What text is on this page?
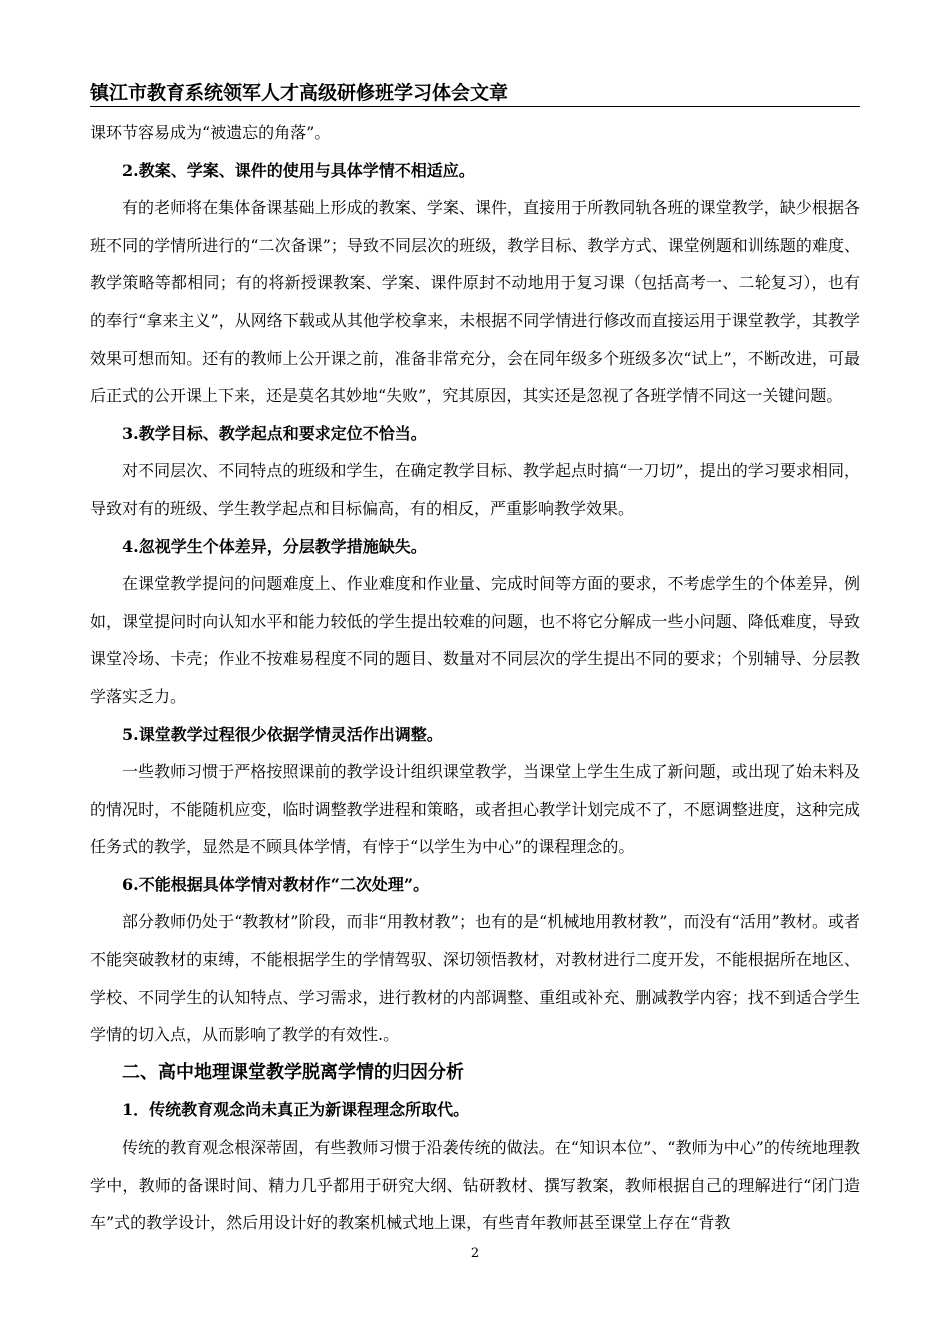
镇江市教育系统领军人才高级研修班学习体会文章

课环节容易成为“被遗忘的角落”。

2.教案、学案、课件的使用与具体学情不相适应。

有的老师将在集体备课基础上形成的教案、学案、课件，直接用于所教同轨各班的课堂教学，缺少根据各班不同的学情所进行的“二次备课”；导致不同层次的班级，教学目标、教学方式、课堂例题和训练题的难度、教学策略等都相同；有的将新授课教案、学案、课件原封不动地用于复习课（包括高考一、二轮复习），也有的奉行“拿来主义”，从网络下载或从其他学校拿来，未根据不同学情进行修改而直接运用于课堂教学，其教学效果可想而知。还有的教师上公开课之前，准备非常充分，会在同年级多个班级多次“试上”，不断改进，可最后正式的公开课上下来，还是莫名其妙地“失败”，究其原因，其实还是忽视了各班学情不同这一关键问题。

3.教学目标、教学起点和要求定位不恰当。

对不同层次、不同特点的班级和学生，在确定教学目标、教学起点时搞“一刀切”，提出的学习要求相同，导致对有的班级、学生教学起点和目标偏高，有的相反，严重影响教学效果。

4.忽视学生个体差异，分层教学措施缺失。

在课堂教学提问的问题难度上、作业难度和作业量、完成时间等方面的要求，不考虑学生的个体差异，例如，课堂提问时向认知水平和能力较低的学生提出较难的问题，也不将它分解成一些小问题、降低难度，导致课堂冷场、卡壳；作业不按难易程度不同的题目、数量对不同层次的学生提出不同的要求；个别辅导、分层教学落实乏力。

5.课堂教学过程很少依据学情灵活作出调整。

一些教师习惯于严格按照课前的教学设计组织课堂教学，当课堂上学生生成了新问题，或出现了始未料及的情况时，不能随机应变，临时调整教学进程和策略，或者担心教学计划完成不了，不愿调整进度，这种完成任务式的教学，显然是不顾具体学情，有悖于“以学生为中心”的课程理念的。

6.不能根据具体学情对教材作“二次处理”。

部分教师仍处于“教教材”阶段，而非“用教材教”；也有的是“机械地用教材教”，而没有“活用”教材。或者不能突破教材的束缚，不能根据学生的学情驾驭、深切领悟教材，对教材进行二度开发，不能根据所在地区、学校、不同学生的认知特点、学习需求，进行教材的内部调整、重组或补充、删减教学内容；找不到适合学生学情的切入点，从而影响了教学的有效性.。

二、高中地理课堂教学脱离学情的归因分析

1．传统教育观念尚未真正为新课程理念所取代。

传统的教育观念根深蒂固，有些教师习惯于沿袭传统的做法。在“知识本位”、“教师为中心”的传统地理教学中，教师的备课时间、精力几乎都用于研究大纲、钻研教材、撰写教案，教师根据自己的理解进行“闭门造车”式的教学设计，然后用设计好的教案机械式地上课，有些青年教师甚至课堂上存在“背教

2
